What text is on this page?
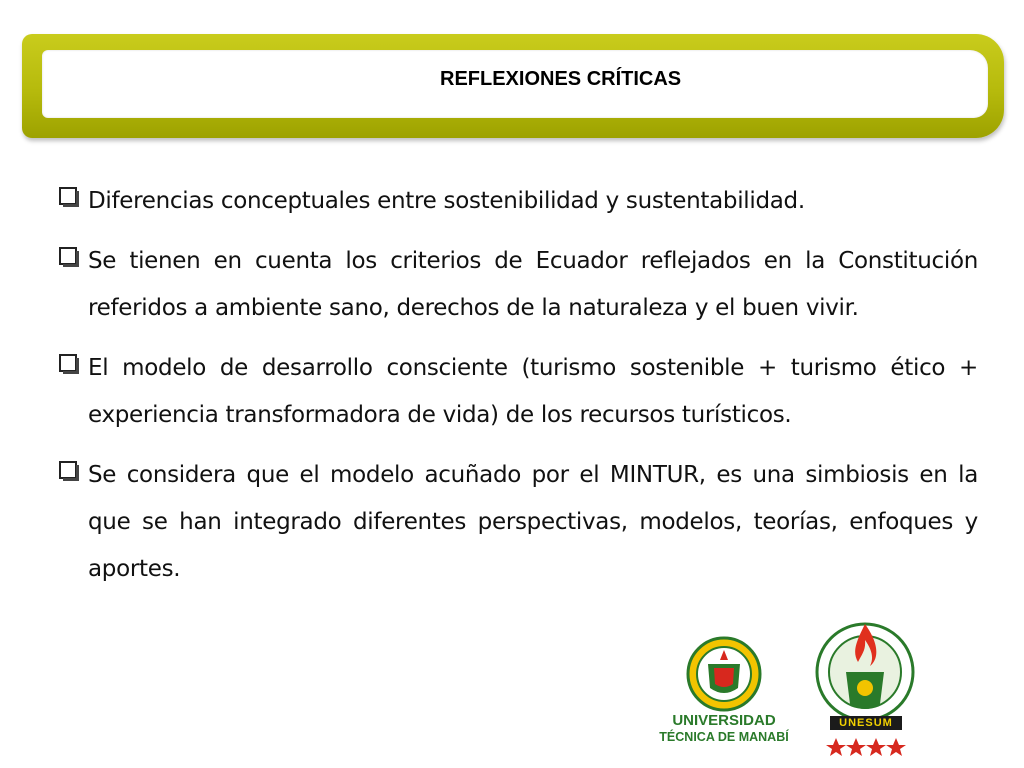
REFLEXIONES CRÍTICAS
Diferencias conceptuales entre sostenibilidad y sustentabilidad.
Se tienen en cuenta los criterios de Ecuador reflejados en la Constitución referidos a ambiente sano, derechos de la naturaleza y el buen vivir.
El modelo de desarrollo consciente (turismo sostenible + turismo ético + experiencia transformadora de vida) de los recursos turísticos.
Se considera que el modelo acuñado por el MINTUR, es una simbiosis en la que se han integrado diferentes perspectivas, modelos, teorías, enfoques y aportes.
UNIVERSIDAD
TÉCNICA DE MANABÍ
UNESUM
